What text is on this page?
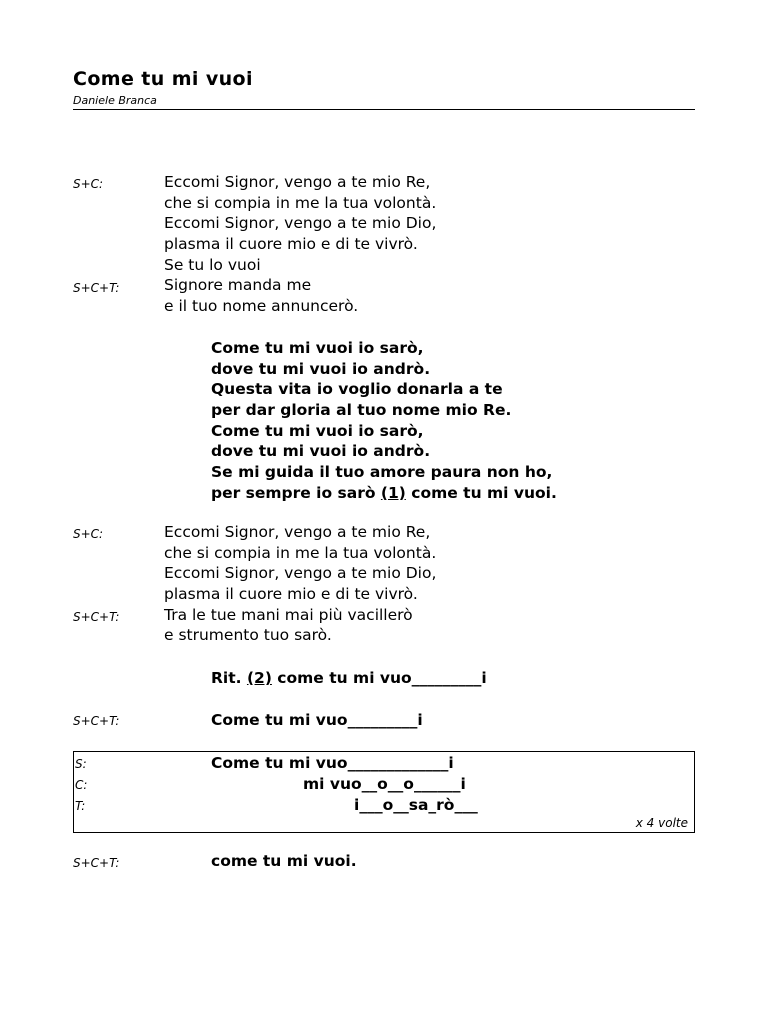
Come tu mi vuoi
Daniele Branca
S+C:
S+C+T:
Eccomi Signor, vengo a te mio Re,
che si compia in me la tua volontà.
Eccomi Signor, vengo a te mio Dio,
plasma il cuore mio e di te vivrò.
Se tu lo vuoi
Signore manda me
e il tuo nome annuncerò.
Come tu mi vuoi io sarò,
dove tu mi vuoi io andrò.
Questa vita io voglio donarla a te
per dar gloria al tuo nome mio Re.
Come tu mi vuoi io sarò,
dove tu mi vuoi io andrò.
Se mi guida il tuo amore paura non ho,
per sempre io sarò (1) come tu mi vuoi.
S+C:
S+C+T:
Eccomi Signor, vengo a te mio Re,
che si compia in me la tua volontà.
Eccomi Signor, vengo a te mio Dio,
plasma il cuore mio e di te vivrò.
Tra le tue mani mai più vacillerò
e strumento tuo sarò.
Rit. (2) come tu mi vuo_________i
S+C+T:	Come tu mi vuo_________i
S:
C:
T:
Come tu mi vuo_____________i
mi vuo__o__o______i
i___o__sa_rò___
x 4 volte
S+C+T:	come tu mi vuoi.
